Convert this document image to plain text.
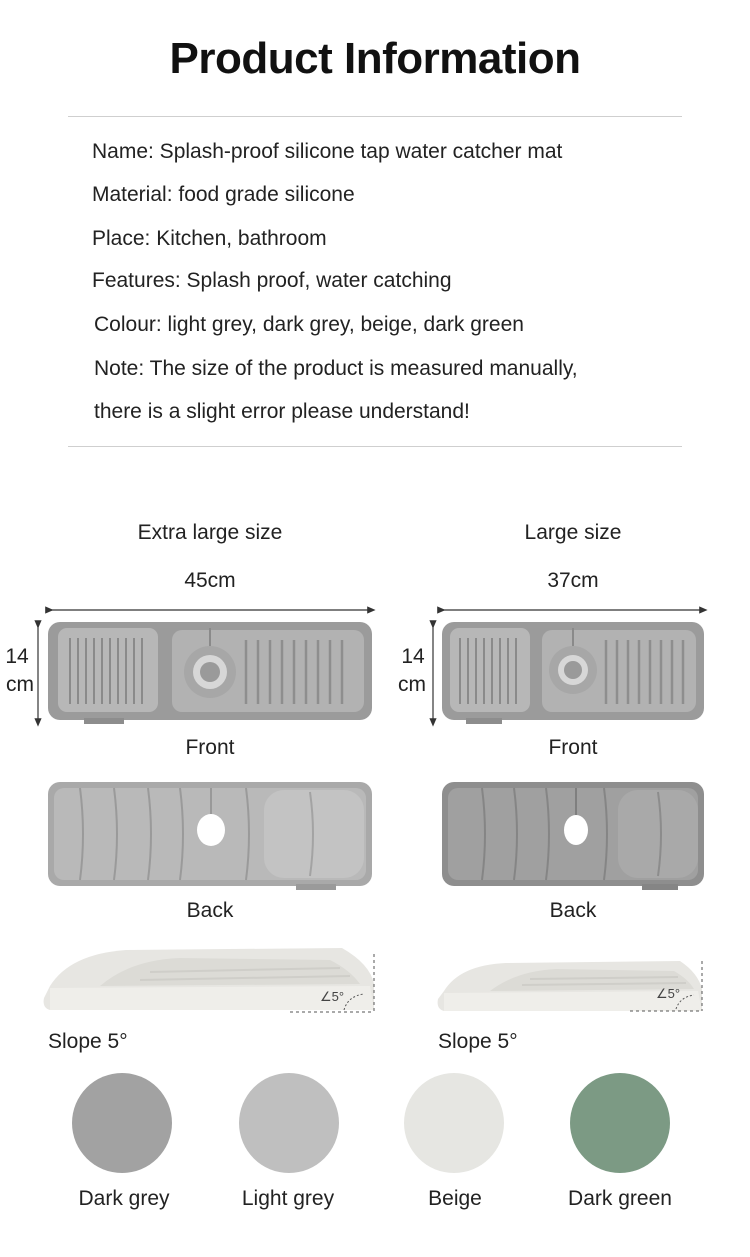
Product Information
Name: Splash-proof silicone tap water catcher mat
Material: food grade silicone
Place: Kitchen, bathroom
Features: Splash proof, water catching
Colour: light grey, dark grey, beige, dark green
Note: The size of the product is measured manually,
there is a slight error please understand!
Extra large size
45cm
14
cm
Front
Back
∠5°
Slope 5°
Large size
37cm
14
cm
Front
Back
∠5°
Slope 5°
Dark grey	Light grey	Beige	Dark green
